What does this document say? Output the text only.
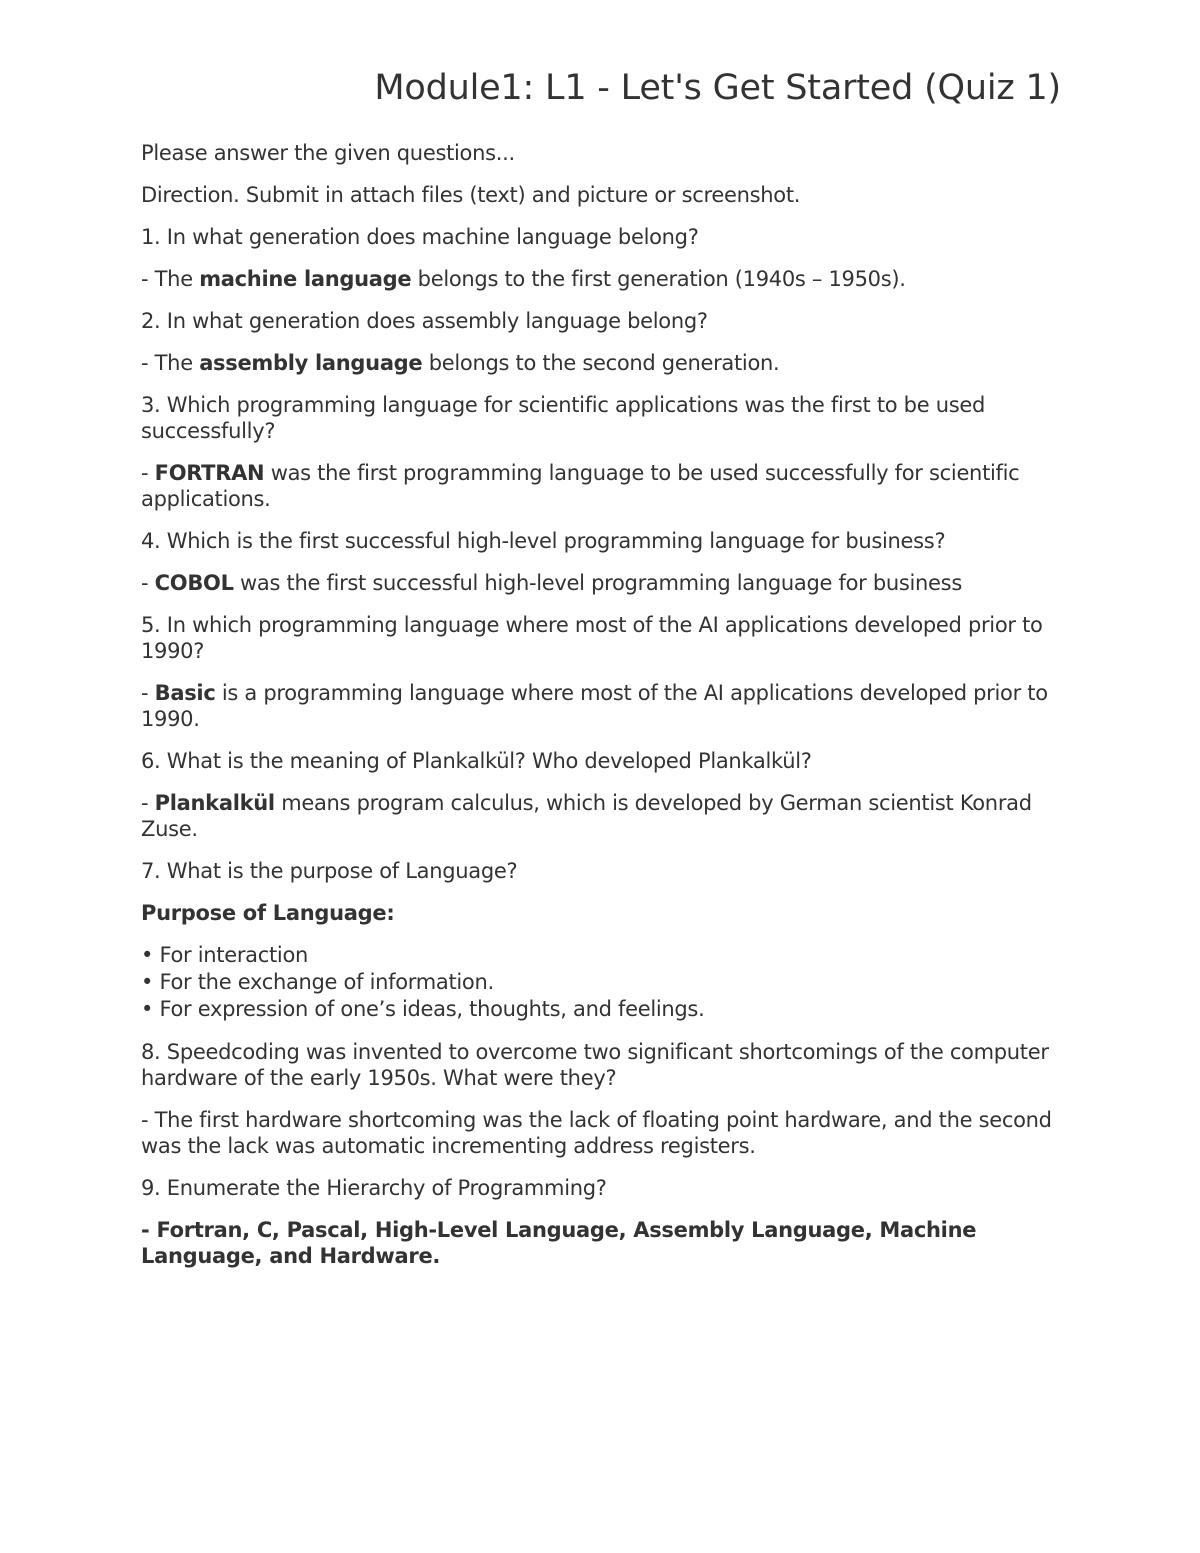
Module1: L1 - Let's Get Started (Quiz 1)

Please answer the given questions...

Direction. Submit in attach files (text) and picture or screenshot.

1. In what generation does machine language belong?

- The machine language belongs to the first generation (1940s – 1950s).

2. In what generation does assembly language belong?

- The assembly language belongs to the second generation.

3. Which programming language for scientific applications was the first to be used successfully?

- FORTRAN was the first programming language to be used successfully for scientific applications.

4. Which is the first successful high-level programming language for business?

- COBOL was the first successful high-level programming language for business

5. In which programming language where most of the AI applications developed prior to 1990?

- Basic is a programming language where most of the AI applications developed prior to 1990.

6. What is the meaning of Plankalkül? Who developed Plankalkül?

- Plankalkül means program calculus, which is developed by German scientist Konrad Zuse.

7. What is the purpose of Language?

Purpose of Language:

• For interaction
• For the exchange of information.
• For expression of one’s ideas, thoughts, and feelings.

8. Speedcoding was invented to overcome two significant shortcomings of the computer hardware of the early 1950s. What were they?

- The first hardware shortcoming was the lack of floating point hardware, and the second was the lack was automatic incrementing address registers.

9. Enumerate the Hierarchy of Programming?

- Fortran, C, Pascal, High-Level Language, Assembly Language, Machine Language, and Hardware.
